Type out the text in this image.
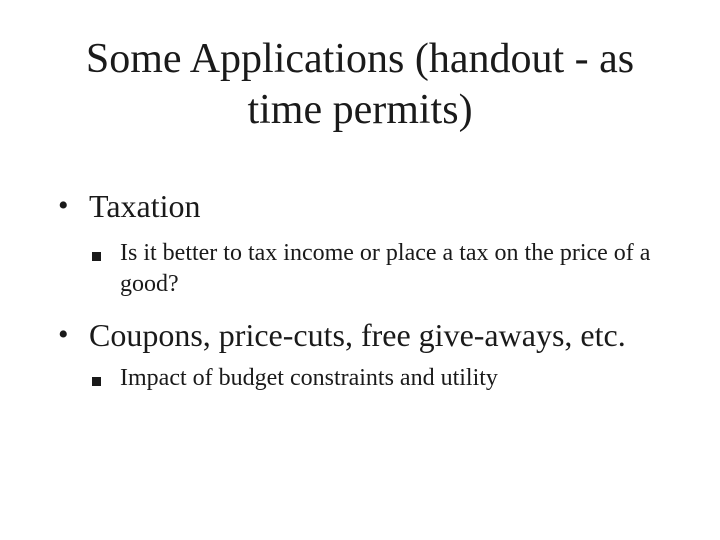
Some Applications (handout - as
time permits)
• Taxation
Is it better to tax income or place a tax on the price of a good?
• Coupons, price-cuts, free give-aways, etc.
Impact of budget constraints and utility
